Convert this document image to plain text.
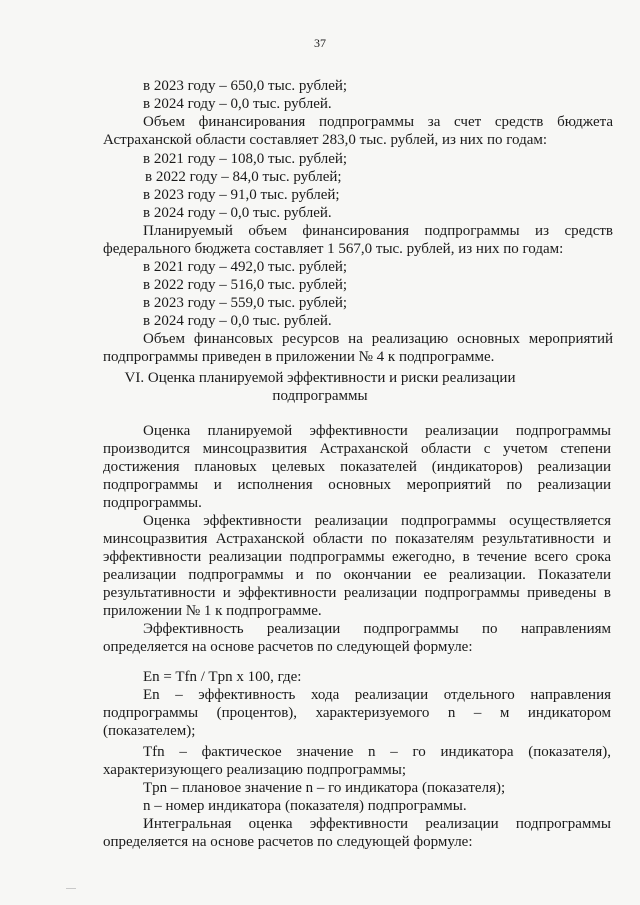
37
в 2023 году – 650,0 тыс. рублей;
в 2024 году – 0,0 тыс. рублей.
Объем финансирования подпрограммы за счет средств бюджета
Астраханской области составляет 283,0 тыс. рублей, из них по годам:
в 2021 году – 108,0 тыс. рублей;
в 2022 году – 84,0 тыс. рублей;
в 2023 году – 91,0 тыс. рублей;
в 2024 году – 0,0 тыс. рублей.
Планируемый объем финансирования подпрограммы из средств
федерального бюджета составляет 1 567,0 тыс. рублей, из них по годам:
в 2021 году – 492,0 тыс. рублей;
в 2022 году – 516,0 тыс. рублей;
в 2023 году – 559,0 тыс. рублей;
в 2024 году – 0,0 тыс. рублей.
Объем финансовых ресурсов на реализацию основных мероприятий
подпрограммы приведен в приложении № 4 к подпрограмме.
VI. Оценка планируемой эффективности и риски реализации
подпрограммы
Оценка планируемой эффективности реализации подпрограммы
производится минсоцразвития Астраханской области с учетом степени
достижения плановых целевых показателей (индикаторов) реализации
подпрограммы и исполнения основных мероприятий по реализации
подпрограммы.
Оценка эффективности реализации подпрограммы осуществляется
минсоцразвития Астраханской области по показателям результативности и
эффективности реализации подпрограммы ежегодно, в течение всего срока
реализации подпрограммы и по окончании ее реализации. Показатели
результативности и эффективности реализации подпрограммы приведены в
приложении № 1 к подпрограмме.
Эффективность реализации подпрограммы по направлениям
определяется на основе расчетов по следующей формуле:
En = Tfn / Tpn x 100, где:
En – эффективность хода реализации отдельного направления
подпрограммы (процентов), характеризуемого n – м индикатором
(показателем);
Tfn – фактическое значение n – го индикатора (показателя),
характеризующего реализацию подпрограммы;
Tpn – плановое значение n – го индикатора (показателя);
n – номер индикатора (показателя) подпрограммы.
Интегральная оценка эффективности реализации подпрограммы
определяется на основе расчетов по следующей формуле:
